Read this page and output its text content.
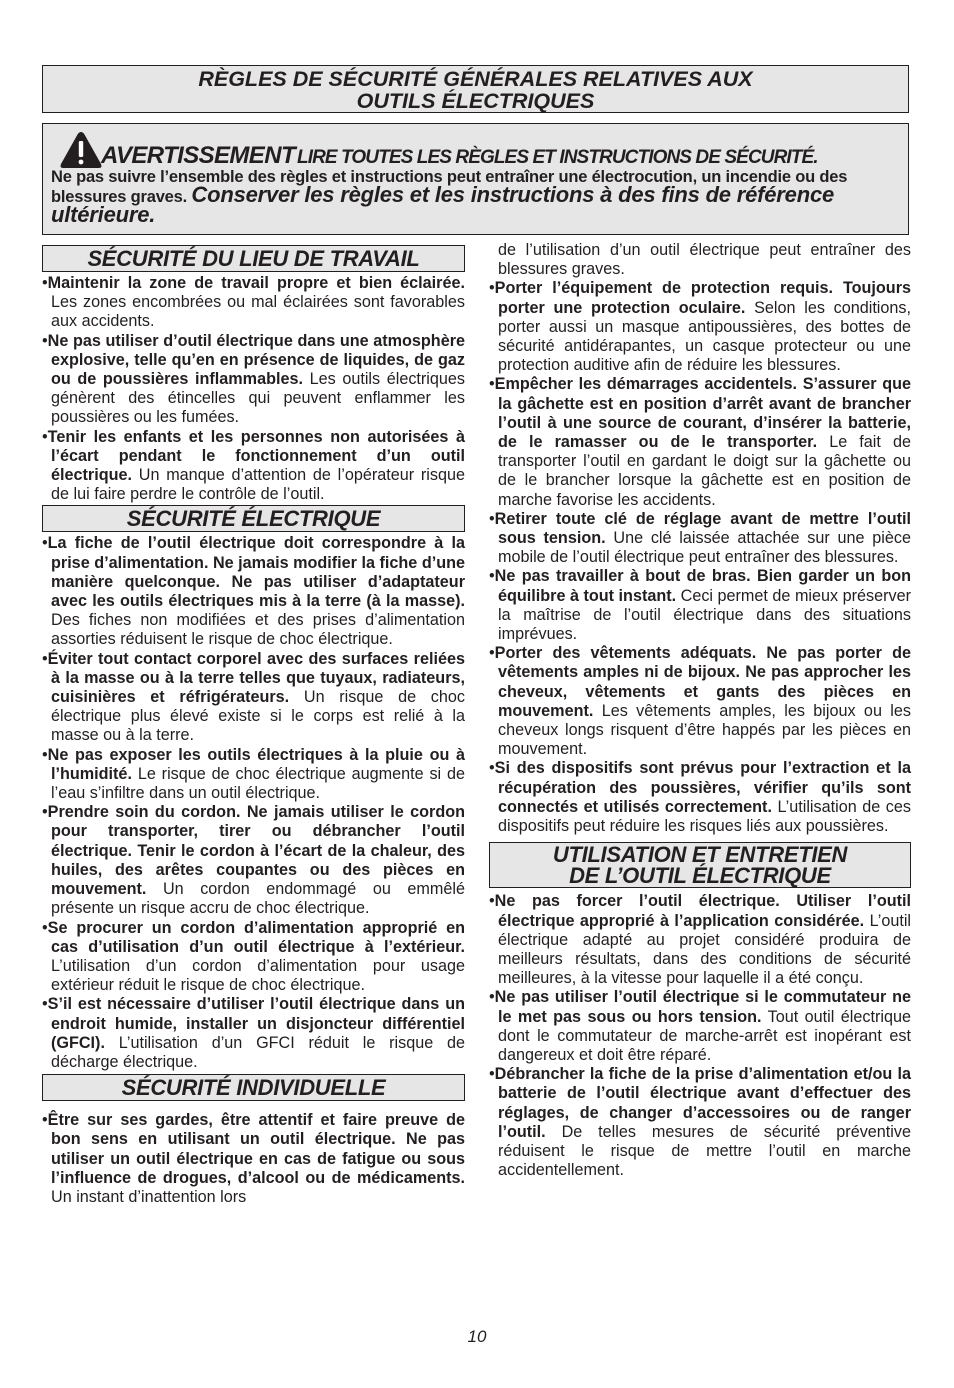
RÈGLES DE SÉCURITÉ GÉNÉRALES RELATIVES AUX
OUTILS ÉLECTRIQUES
AVERTISSEMENT LIRE TOUTES LES RÈGLES ET INSTRUCTIONS DE SÉCURITÉ.
Ne pas suivre l’ensemble des règles et instructions peut entraîner une électrocution, un incendie ou des blessures graves. Conserver les règles et les instructions à des fins de référence ultérieure.
SÉCURITÉ DU LIEU DE TRAVAIL
•Maintenir la zone de travail propre et bien éclairée. Les zones encombrées ou mal éclairées sont favorables aux accidents.
•Ne pas utiliser d’outil électrique dans une atmosphère explosive, telle qu’en en présence de liquides, de gaz ou de poussières inflammables. Les outils électriques génèrent des étincelles qui peuvent enflammer les poussières ou les fumées.
•Tenir les enfants et les personnes non autorisées à l’écart pendant le fonctionnement d’un outil électrique. Un manque d’attention de l’opérateur risque de lui faire perdre le contrôle de l’outil.
SÉCURITÉ ÉLECTRIQUE
•La fiche de l’outil électrique doit correspondre à la prise d’alimentation. Ne jamais modifier la fiche d’une manière quelconque. Ne pas utiliser d’adaptateur avec les outils électriques mis à la terre (à la masse). Des fiches non modifiées et des prises d’alimentation assorties réduisent le risque de choc électrique.
•Éviter tout contact corporel avec des surfaces reliées à la masse ou à la terre telles que tuyaux, radiateurs, cuisinières et réfrigérateurs. Un risque de choc électrique plus élevé existe si le corps est relié à la masse ou à la terre.
•Ne pas exposer les outils électriques à la pluie ou à l’humidité. Le risque de choc électrique augmente si de l’eau s’infiltre dans un outil électrique.
•Prendre soin du cordon. Ne jamais utiliser le cordon pour transporter, tirer ou débrancher l’outil électrique. Tenir le cordon à l’écart de la chaleur, des huiles, des arêtes coupantes ou des pièces en mouvement. Un cordon endommagé ou emmêlé présente un risque accru de choc électrique.
•Se procurer un cordon d’alimentation approprié en cas d’utilisation d’un outil électrique à l’extérieur. L’utilisation d’un cordon d’alimentation pour usage extérieur réduit le risque de choc électrique.
•S’il est nécessaire d’utiliser l’outil électrique dans un endroit humide, installer un disjoncteur différentiel (GFCI). L’utilisation d’un GFCI réduit le risque de décharge électrique.
SÉCURITÉ INDIVIDUELLE
•Être sur ses gardes, être attentif et faire preuve de bon sens en utilisant un outil électrique. Ne pas utiliser un outil électrique en cas de fatigue ou sous l’influence de drogues, d’alcool ou de médicaments. Un instant d’inattention lors
de l’utilisation d’un outil électrique peut entraîner des blessures graves.
•Porter l’équipement de protection requis. Toujours porter une protection oculaire. Selon les conditions, porter aussi un masque antipoussières, des bottes de sécurité antidérapantes, un casque protecteur ou une protection auditive afin de réduire les blessures.
•Empêcher les démarrages accidentels. S’assurer que la gâchette est en position d’arrêt avant de brancher l’outil à une source de courant, d’insérer la batterie, de le ramasser ou de le transporter. Le fait de transporter l’outil en gardant le doigt sur la gâchette ou de le brancher lorsque la gâchette est en position de marche favorise les accidents.
•Retirer toute clé de réglage avant de mettre l’outil sous tension. Une clé laissée attachée sur une pièce mobile de l’outil électrique peut entraîner des blessures.
•Ne pas travailler à bout de bras. Bien garder un bon équilibre à tout instant. Ceci permet de mieux préserver la maîtrise de l’outil électrique dans des situations imprévues.
•Porter des vêtements adéquats. Ne pas porter de vêtements amples ni de bijoux. Ne pas approcher les cheveux, vêtements et gants des pièces en mouvement. Les vêtements amples, les bijoux ou les cheveux longs risquent d’être happés par les pièces en mouvement.
•Si des dispositifs sont prévus pour l’extraction et la récupération des poussières, vérifier qu’ils sont connectés et utilisés correctement. L’utilisation de ces dispositifs peut réduire les risques liés aux poussières.
UTILISATION ET ENTRETIEN
DE L’OUTIL ÉLECTRIQUE
•Ne pas forcer l’outil électrique. Utiliser l’outil électrique approprié à l’application considérée. L’outil électrique adapté au projet considéré produira de meilleurs résultats, dans des conditions de sécurité meilleures, à la vitesse pour laquelle il a été conçu.
•Ne pas utiliser l’outil électrique si le commutateur ne le met pas sous ou hors tension. Tout outil électrique dont le commutateur de marche-arrêt est inopérant est dangereux et doit être réparé.
•Débrancher la fiche de la prise d’alimentation et/ou la batterie de l’outil électrique avant d’effectuer des réglages, de changer d’accessoires ou de ranger l’outil. De telles mesures de sécurité préventive réduisent le risque de mettre l’outil en marche accidentellement.
10
